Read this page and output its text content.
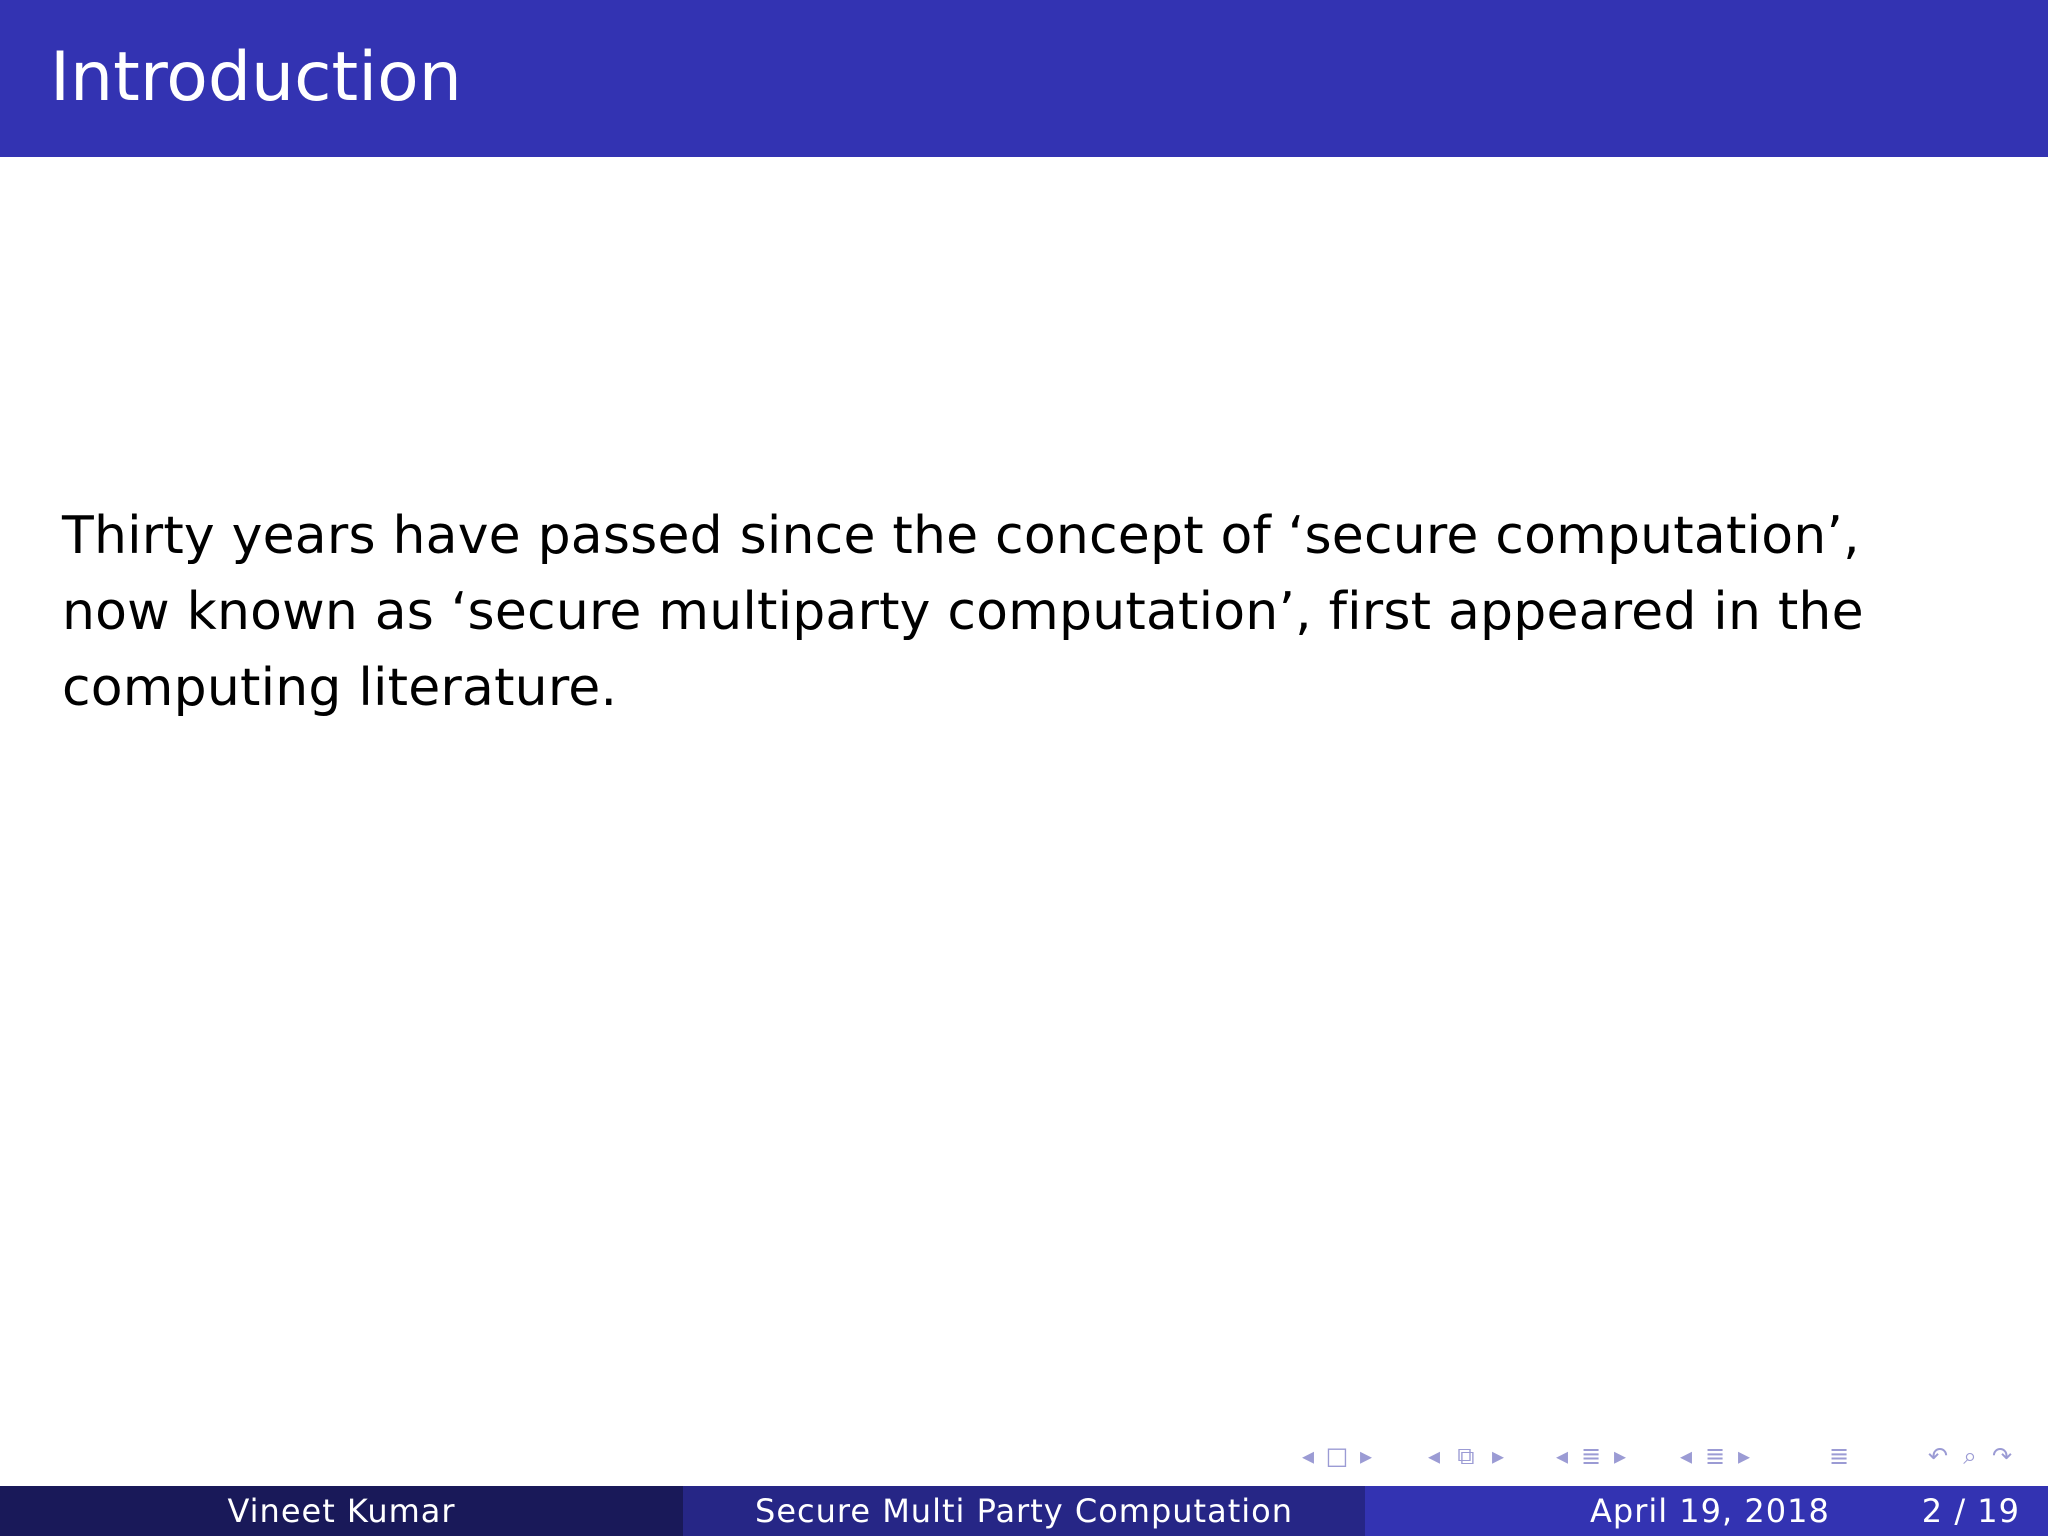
Introduction
Thirty years have passed since the concept of ‘secure computation’, now known as ‘secure multiparty computation’, first appeared in the computing literature.
◂ □ ▸ ◂ ⧉ ▸ ◂ ≣ ▸ ◂ ≣ ▸	≣	↶ ⌕ ↷
Vineet Kumar	Secure Multi Party Computation	April 19, 2018	2 / 19
